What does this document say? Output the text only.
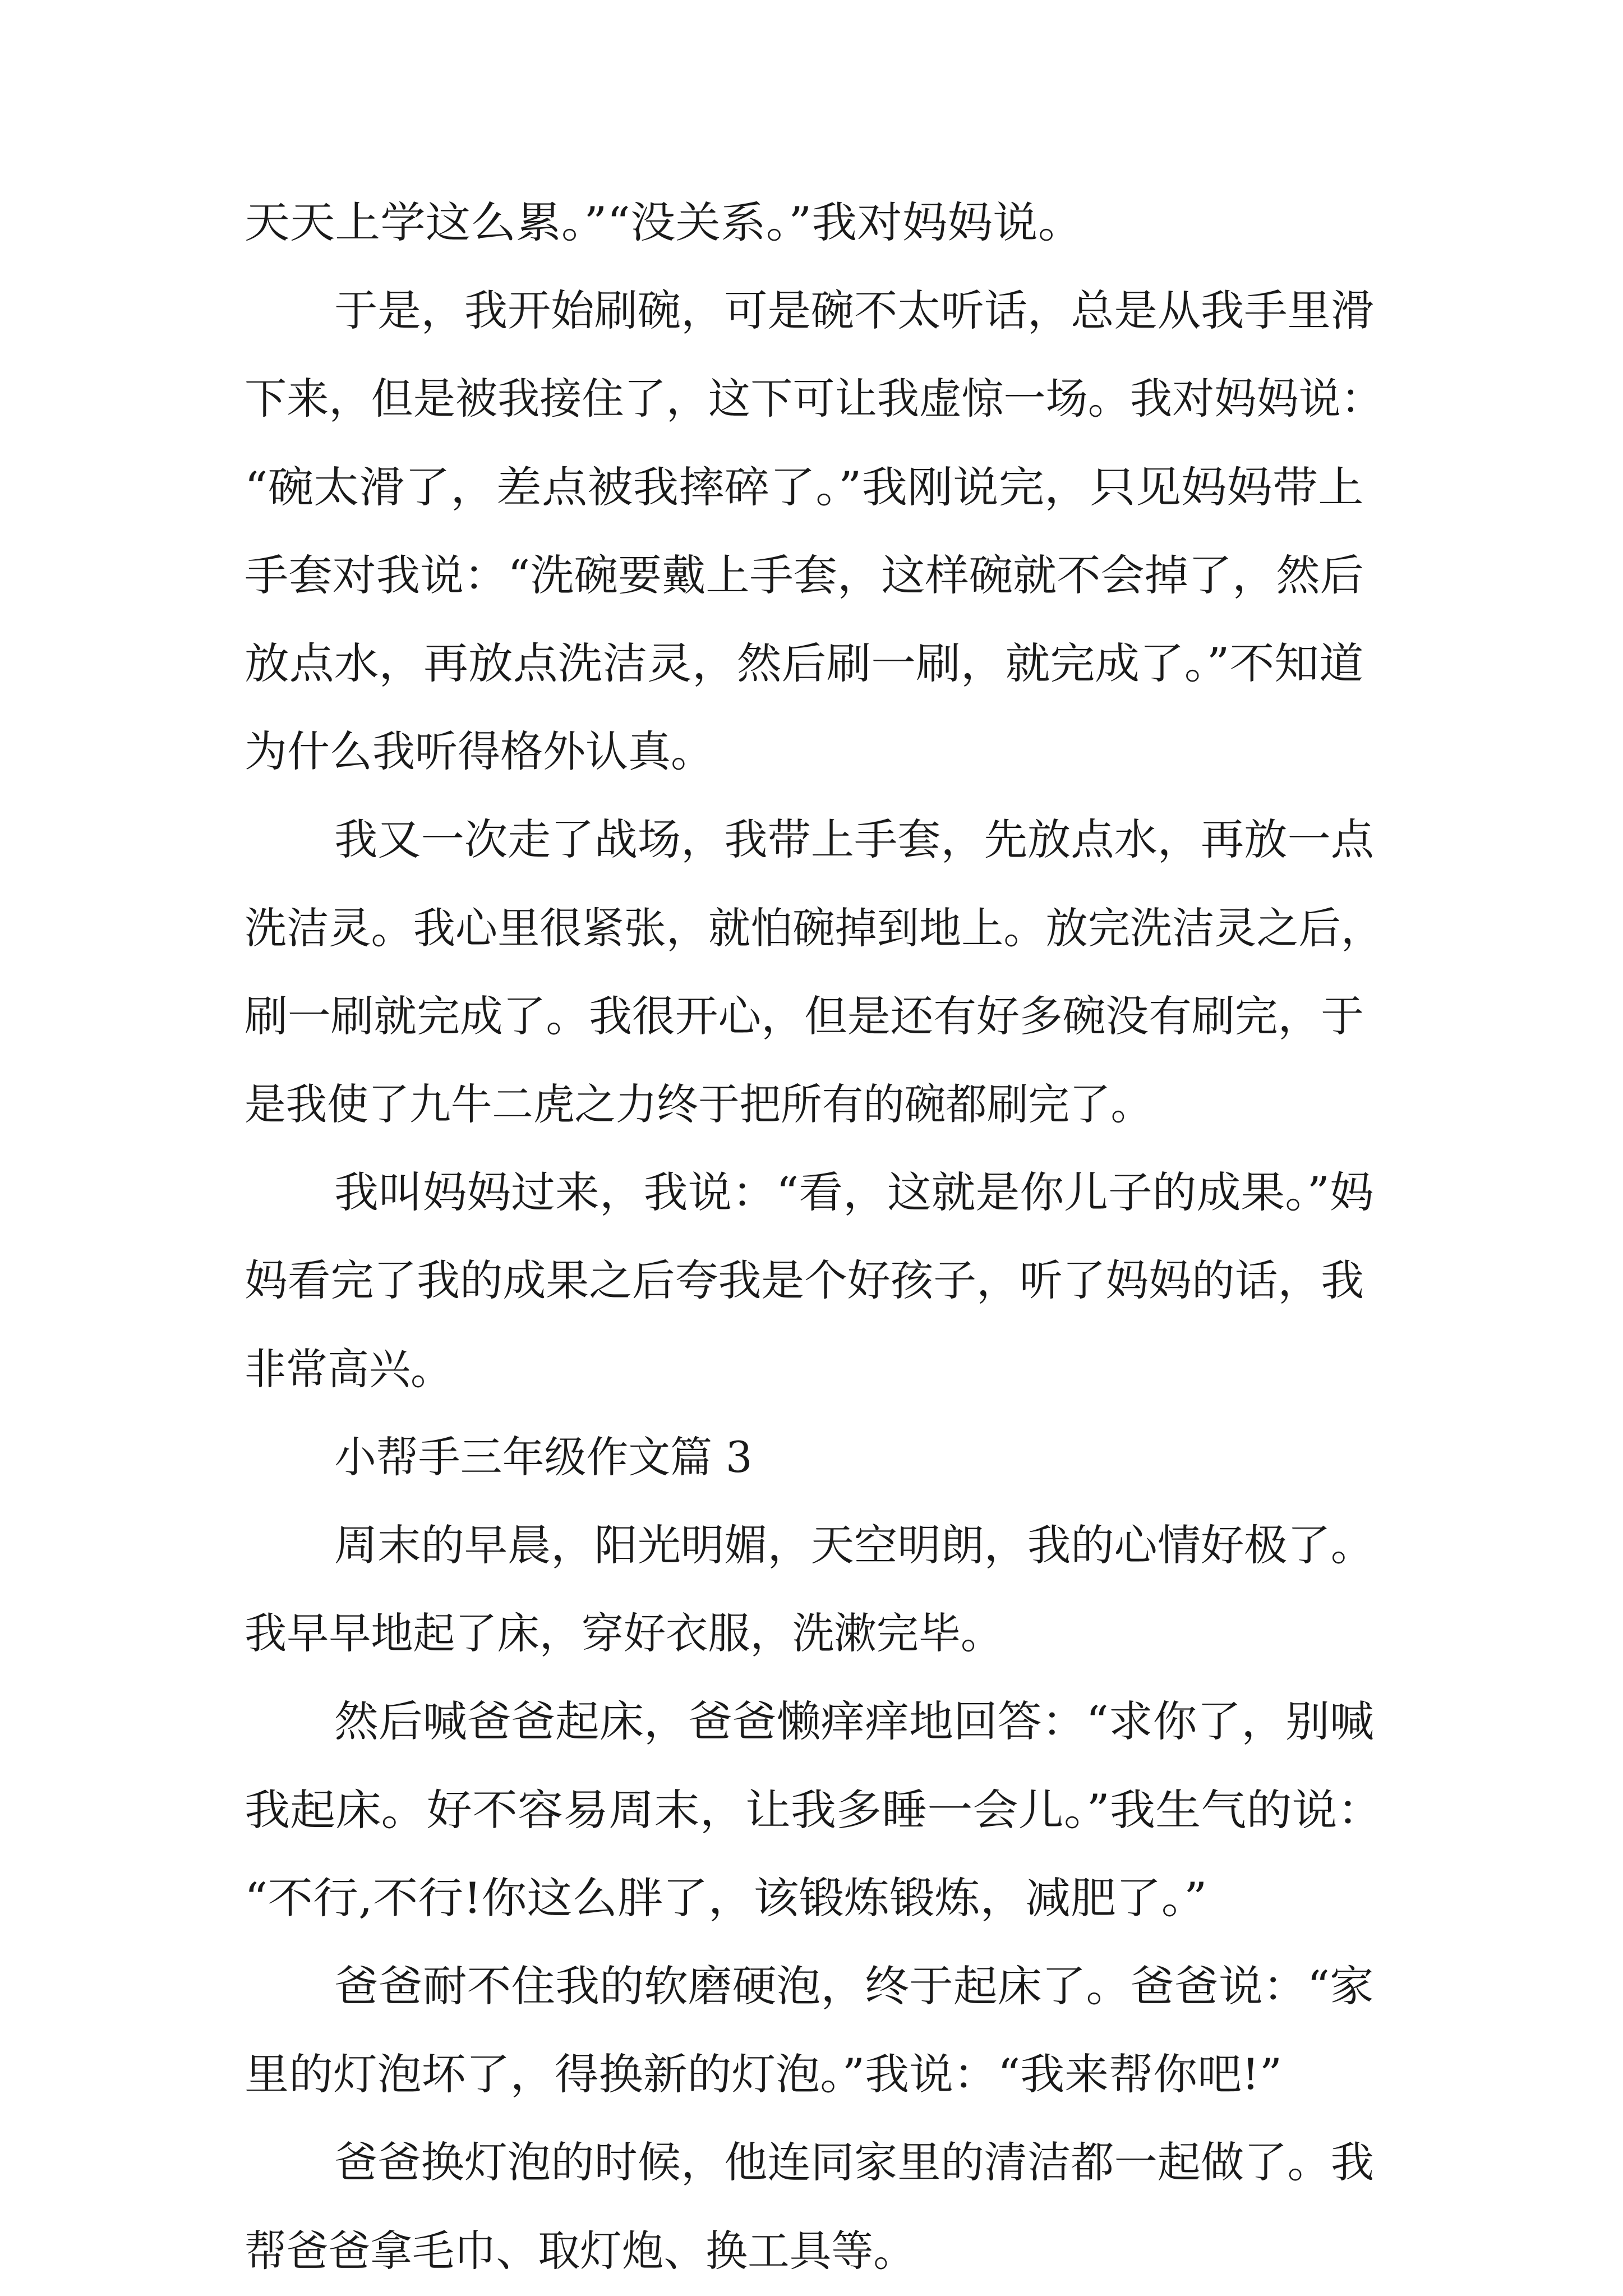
天天上学这么累。”“没关系。”我对妈妈说。
于是，我开始刷碗，可是碗不太听话，总是从我手里滑
下来，但是被我接住了，这下可让我虚惊一场。我对妈妈说：
“碗太滑了，差点被我摔碎了。”我刚说完，只见妈妈带上
手套对我说：“洗碗要戴上手套，这样碗就不会掉了，然后
放点水，再放点洗洁灵，然后刷一刷，就完成了。”不知道
为什么我听得格外认真。
我又一次走了战场，我带上手套，先放点水，再放一点
洗洁灵。我心里很紧张，就怕碗掉到地上。放完洗洁灵之后，
刷一刷就完成了。我很开心，但是还有好多碗没有刷完，于
是我使了九牛二虎之力终于把所有的碗都刷完了。
我叫妈妈过来，我说：“看，这就是你儿子的成果。”妈
妈看完了我的成果之后夸我是个好孩子，听了妈妈的话，我
非常高兴。
小帮手三年级作文篇 3
周末的早晨，阳光明媚，天空明朗，我的心情好极了。
我早早地起了床，穿好衣服，洗漱完毕。
然后喊爸爸起床，爸爸懒痒痒地回答：“求你了，别喊
我起床。好不容易周末，让我多睡一会儿。”我生气的说：
“不行,不行!你这么胖了，该锻炼锻炼，减肥了。”
爸爸耐不住我的软磨硬泡，终于起床了。爸爸说：“家
里的灯泡坏了，得换新的灯泡。”我说：“我来帮你吧!”
爸爸换灯泡的时候，他连同家里的清洁都一起做了。我
帮爸爸拿毛巾、取灯炮、换工具等。
